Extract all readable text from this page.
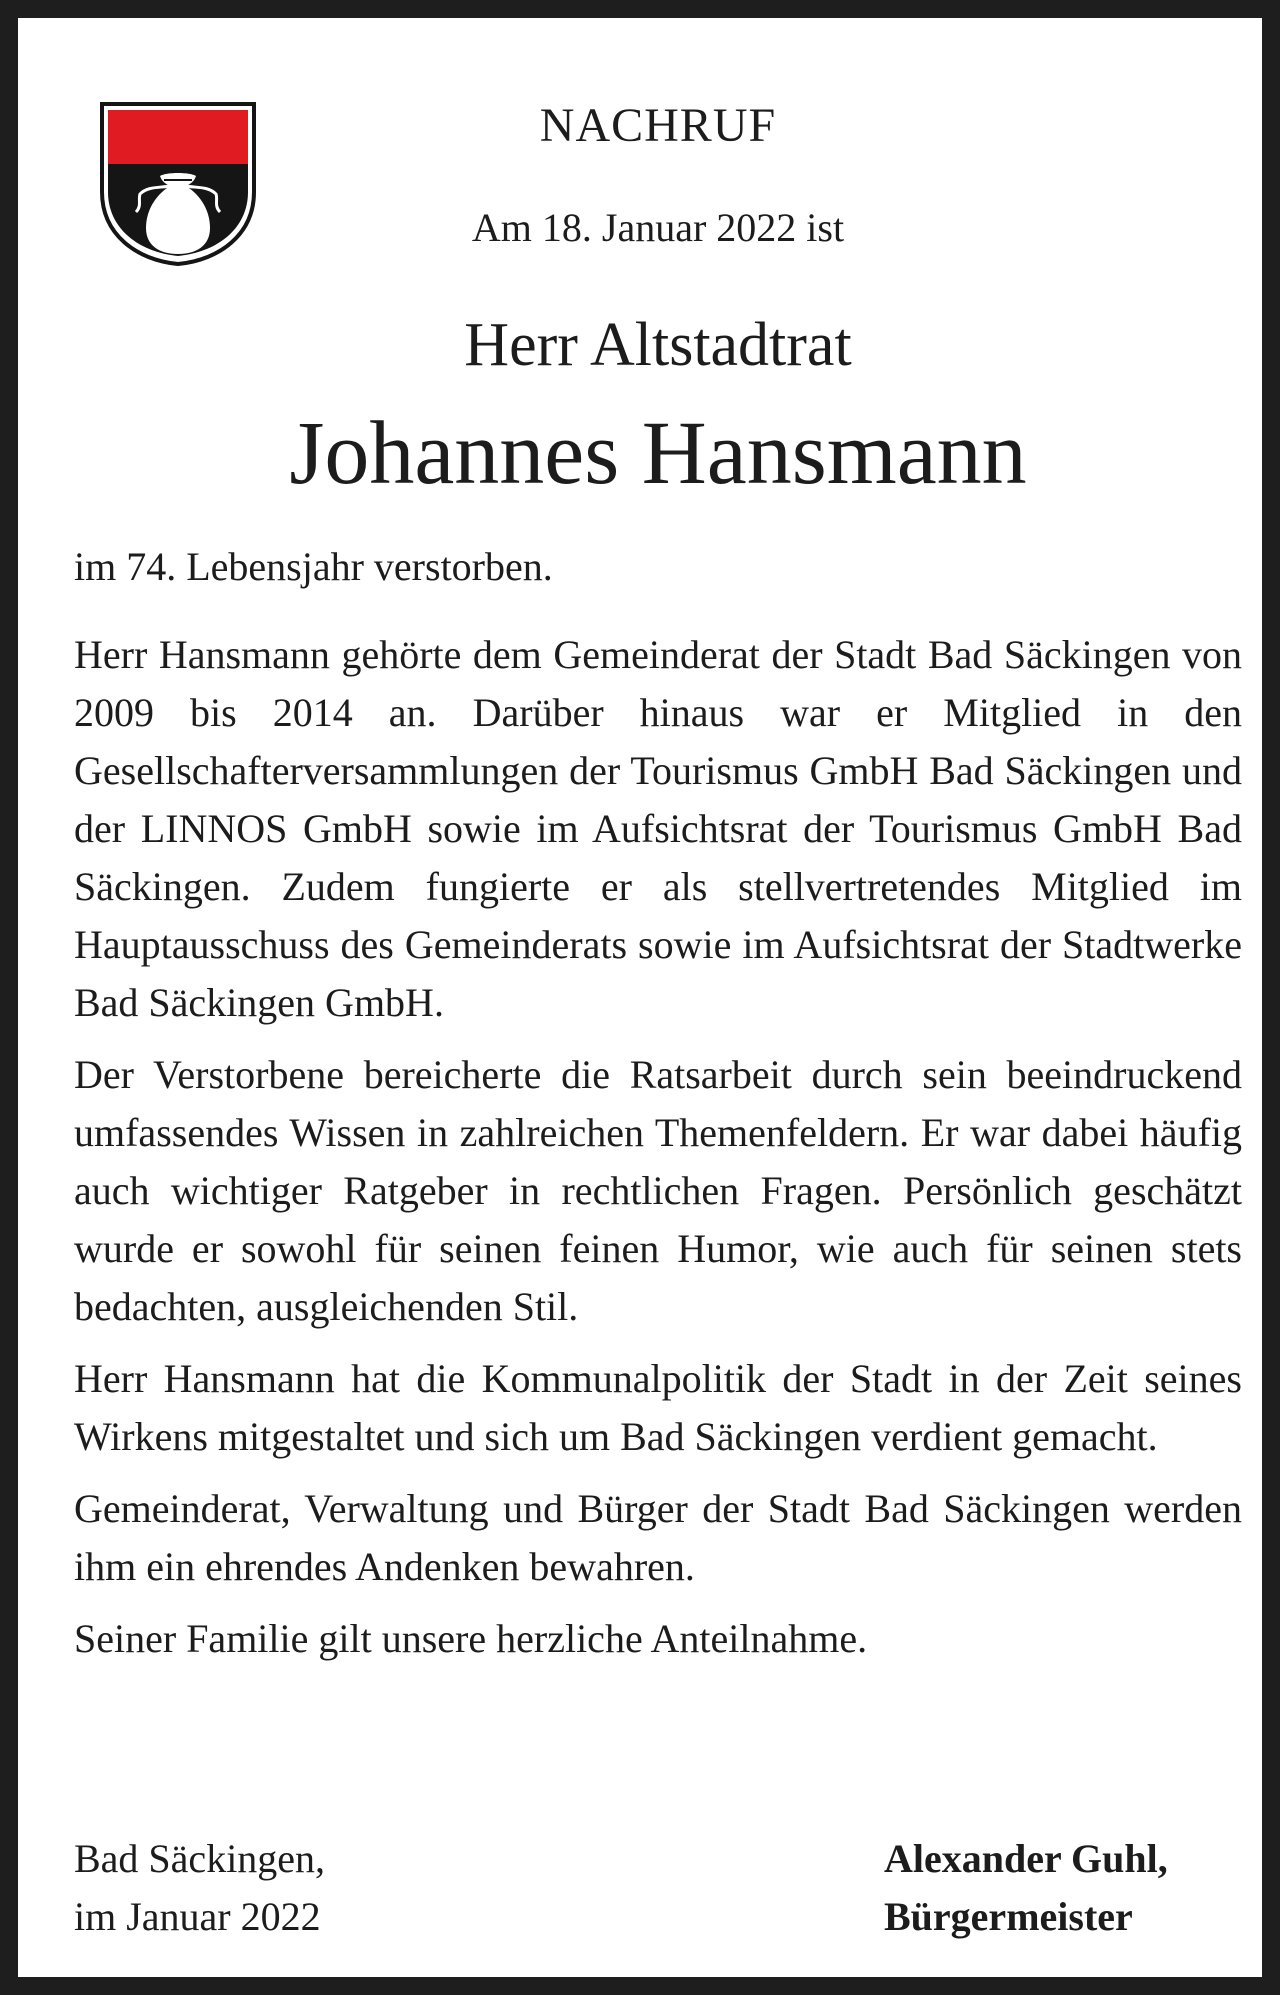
NACHRUF
Am 18. Januar 2022 ist
Herr Altstadtrat
Johannes Hansmann

im 74. Lebensjahr verstorben.

Herr Hansmann gehörte dem Gemeinderat der Stadt Bad Säckingen von 2009 bis 2014 an. Darüber hinaus war er Mitglied in den Gesellschafterversammlungen der Tourismus GmbH Bad Säckingen und der LINNOS GmbH sowie im Aufsichtsrat der Tourismus GmbH Bad Säckingen. Zudem fungierte er als stellvertretendes Mitglied im Hauptausschuss des Gemeinderats sowie im Aufsichtsrat der Stadtwerke Bad Säckingen GmbH.

Der Verstorbene bereicherte die Ratsarbeit durch sein beeindruckend umfassendes Wissen in zahlreichen Themenfeldern. Er war dabei häufig auch wichtiger Ratgeber in rechtlichen Fragen. Persönlich geschätzt wurde er sowohl für seinen feinen Humor, wie auch für seinen stets bedachten, ausgleichenden Stil.

Herr Hansmann hat die Kommunalpolitik der Stadt in der Zeit seines Wirkens mitgestaltet und sich um Bad Säckingen verdient gemacht.

Gemeinderat, Verwaltung und Bürger der Stadt Bad Säckingen werden ihm ein ehrendes Andenken bewahren.

Seiner Familie gilt unsere herzliche Anteilnahme.

Bad Säckingen,
im Januar 2022
Alexander Guhl,
Bürgermeister
